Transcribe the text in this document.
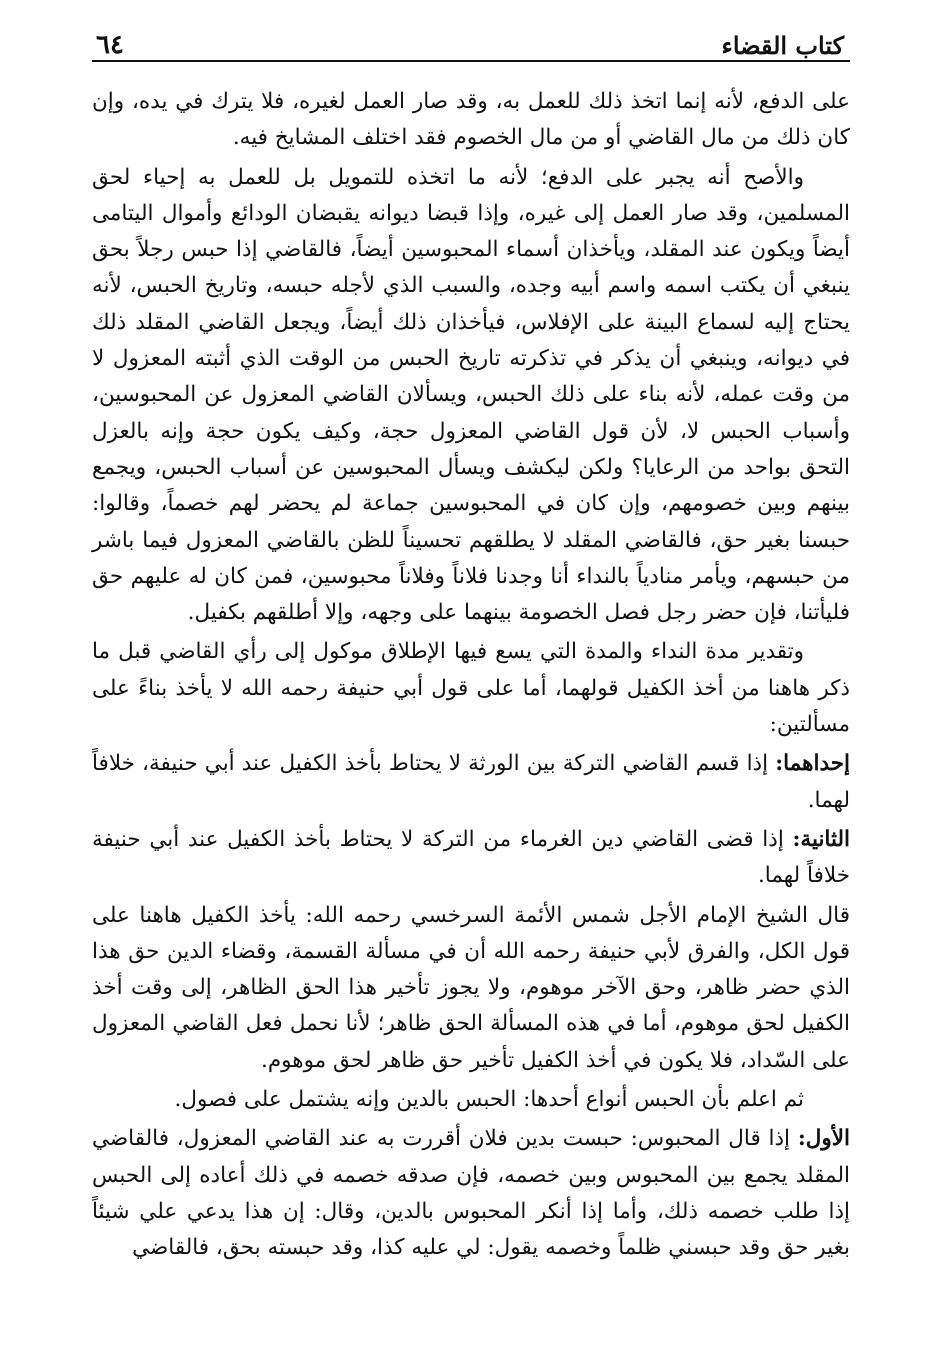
٦٤	كتاب القضاء

على الدفع، لأنه إنما اتخذ ذلك للعمل به، وقد صار العمل لغيره، فلا يترك في يده، وإن كان ذلك من مال القاضي أو من مال الخصوم فقد اختلف المشايخ فيه.

والأصح أنه يجبر على الدفع؛ لأنه ما اتخذه للتمويل بل للعمل به إحياء لحق المسلمين، وقد صار العمل إلى غيره، وإذا قبضا ديوانه يقبضان الودائع وأموال اليتامى أيضاً ويكون عند المقلد، ويأخذان أسماء المحبوسين أيضاً، فالقاضي إذا حبس رجلاً بحق ينبغي أن يكتب اسمه واسم أبيه وجده، والسبب الذي لأجله حبسه، وتاريخ الحبس، لأنه يحتاج إليه لسماع البينة على الإفلاس، فيأخذان ذلك أيضاً، ويجعل القاضي المقلد ذلك في ديوانه، وينبغي أن يذكر في تذكرته تاريخ الحبس من الوقت الذي أثبته المعزول لا من وقت عمله، لأنه بناء على ذلك الحبس، ويسألان القاضي المعزول عن المحبوسين، وأسباب الحبس لا، لأن قول القاضي المعزول حجة، وكيف يكون حجة وإنه بالعزل التحق بواحد من الرعايا؟ ولكن ليكشف ويسأل المحبوسين عن أسباب الحبس، ويجمع بينهم وبين خصومهم، وإن كان في المحبوسين جماعة لم يحضر لهم خصماً، وقالوا: حبسنا بغير حق، فالقاضي المقلد لا يطلقهم تحسيناً للظن بالقاضي المعزول فيما باشر من حبسهم، ويأمر منادياً بالنداء أنا وجدنا فلاناً وفلاناً محبوسين، فمن كان له عليهم حق فليأتنا، فإن حضر رجل فصل الخصومة بينهما على وجهه، وإلا أطلقهم بكفيل.

وتقدير مدة النداء والمدة التي يسع فيها الإطلاق موكول إلى رأي القاضي قبل ما ذكر هاهنا من أخذ الكفيل قولهما، أما على قول أبي حنيفة رحمه الله لا يأخذ بناءً على مسألتين:

إحداهما: إذا قسم القاضي التركة بين الورثة لا يحتاط بأخذ الكفيل عند أبي حنيفة، خلافاً لهما.

الثانية: إذا قضى القاضي دين الغرماء من التركة لا يحتاط بأخذ الكفيل عند أبي حنيفة خلافاً لهما.

قال الشيخ الإمام الأجل شمس الأئمة السرخسي رحمه الله: يأخذ الكفيل هاهنا على قول الكل، والفرق لأبي حنيفة رحمه الله أن في مسألة القسمة، وقضاء الدين حق هذا الذي حضر ظاهر، وحق الآخر موهوم، ولا يجوز تأخير هذا الحق الظاهر، إلى وقت أخذ الكفيل لحق موهوم، أما في هذه المسألة الحق ظاهر؛ لأنا نحمل فعل القاضي المعزول على السّداد، فلا يكون في أخذ الكفيل تأخير حق ظاهر لحق موهوم.

ثم اعلم بأن الحبس أنواع أحدها: الحبس بالدين وإنه يشتمل على فصول.

الأول: إذا قال المحبوس: حبست بدين فلان أقررت به عند القاضي المعزول، فالقاضي المقلد يجمع بين المحبوس وبين خصمه، فإن صدقه خصمه في ذلك أعاده إلى الحبس إذا طلب خصمه ذلك، وأما إذا أنكر المحبوس بالدين، وقال: إن هذا يدعي علي شيئاً بغير حق وقد حبسني ظلماً وخصمه يقول: لي عليه كذا، وقد حبسته بحق، فالقاضي
